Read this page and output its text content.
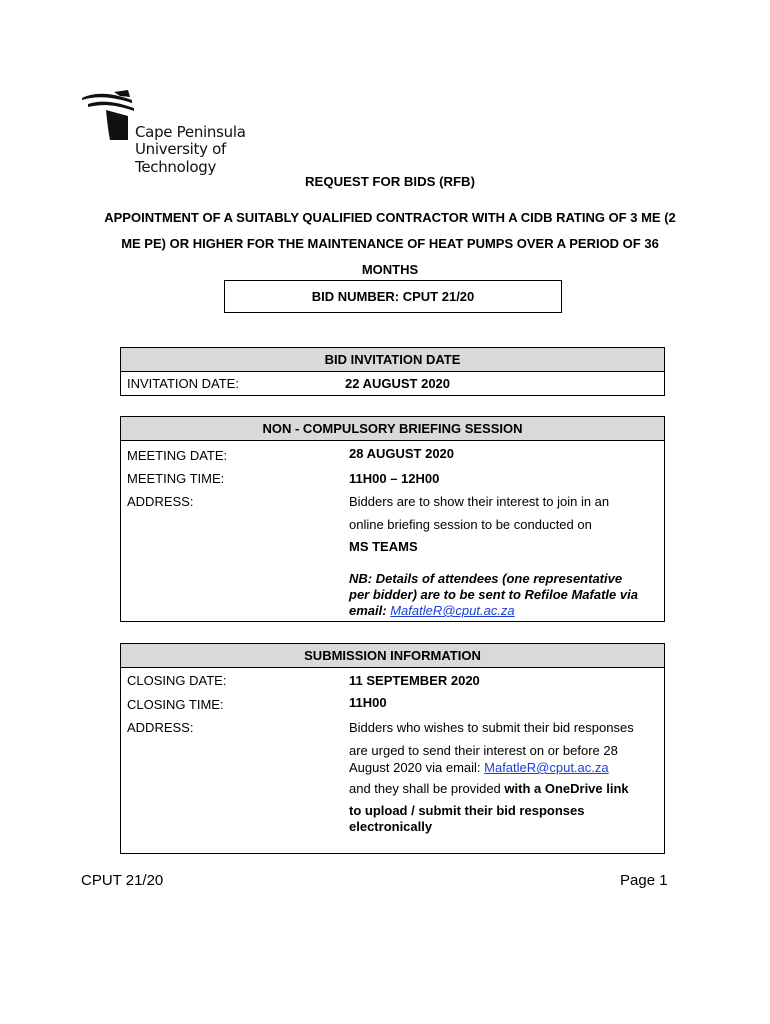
Cape Peninsula
University of Technology
REQUEST FOR BIDS (RFB)
APPOINTMENT OF A SUITABLY QUALIFIED CONTRACTOR WITH A CIDB RATING OF 3 ME (2
ME PE) OR HIGHER FOR THE MAINTENANCE OF HEAT PUMPS OVER A PERIOD OF 36
MONTHS
BID NUMBER: CPUT 21/20
BID INVITATION DATE
INVITATION DATE:	22 AUGUST 2020
NON - COMPULSORY BRIEFING SESSION
MEETING DATE:	28 AUGUST 2020
MEETING TIME:	11H00 – 12H00
ADDRESS:	Bidders are to show their interest to join in an
online briefing session to be conducted on
MS TEAMS
NB: Details of attendees (one representative
per bidder) are to be sent to Refiloe Mafatle via
email: MafatleR@cput.ac.za
SUBMISSION INFORMATION
CLOSING DATE:	11 SEPTEMBER 2020
CLOSING TIME:	11H00
ADDRESS:	Bidders who wishes to submit their bid responses
are urged to send their interest on or before 28
August 2020 via email: MafatleR@cput.ac.za
and they shall be provided with a OneDrive link
to upload / submit their bid responses
electronically
CPUT 21/20	Page 1
